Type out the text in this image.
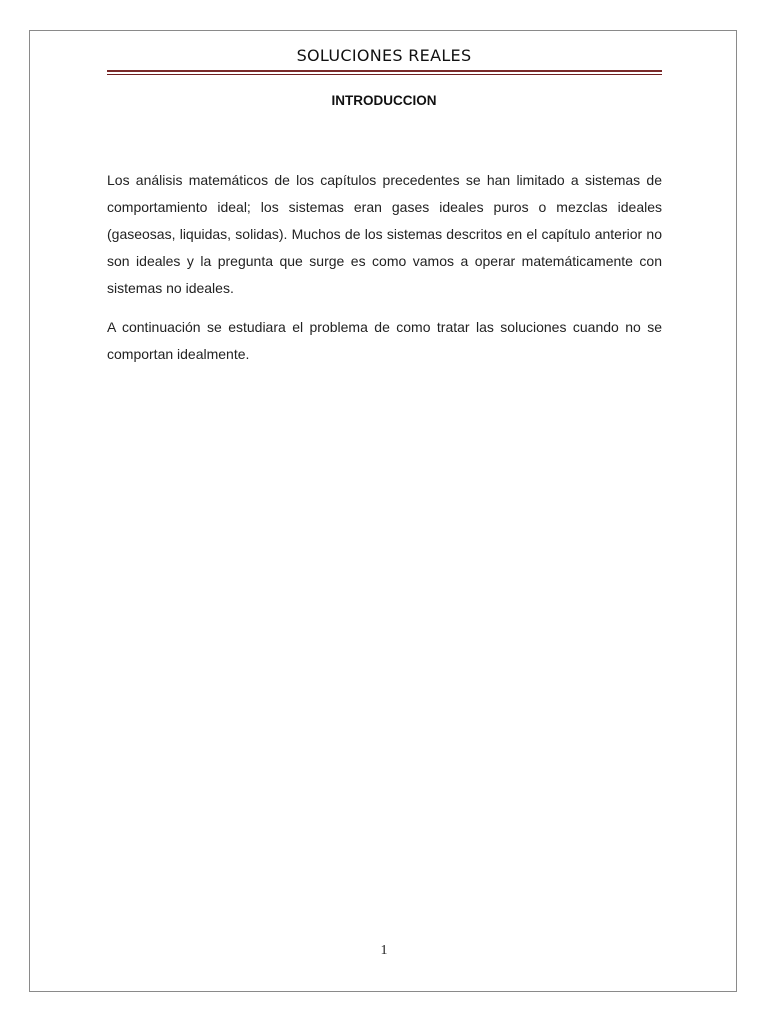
SOLUCIONES REALES
INTRODUCCION

Los análisis matemáticos de los capítulos precedentes se han limitado a sistemas de comportamiento ideal; los sistemas eran gases ideales puros o mezclas ideales (gaseosas, liquidas, solidas). Muchos de los sistemas descritos en el capítulo anterior no son ideales y la pregunta que surge es como vamos a operar matemáticamente con sistemas no ideales.

A continuación se estudiara el problema de como tratar las soluciones cuando no se comportan idealmente.

1
